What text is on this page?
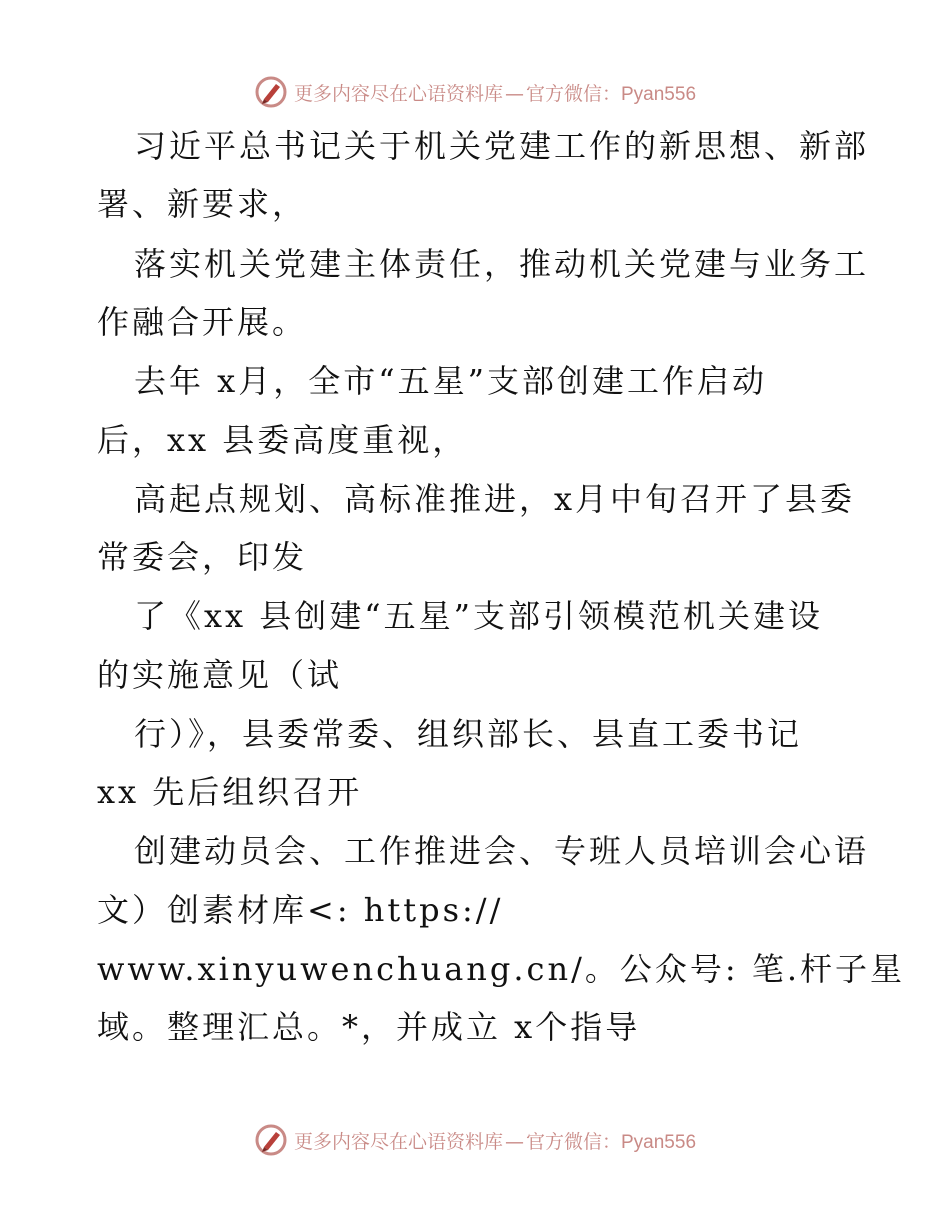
更多内容尽在心语资料库 — 官方微信：Pyan556
习近平总书记关于机关党建工作的新思想、新部
署、新要求，
落实机关党建主体责任，推动机关党建与业务工
作融合开展。
去年 x月，全市“五星”支部创建工作启动
后，xx 县委高度重视，
高起点规划、高标准推进，x月中旬召开了县委
常委会，印发
了《xx 县创建“五星”支部引领模范机关建设
的实施意见（试
行）》，县委常委、组织部长、县直工委书记
xx 先后组织召开
创建动员会、工作推进会、专班人员培训会心语
文）创素材库<: https://
www.xinyuwenchuang.cn/。公众号: 笔.杆子星
域。整理汇总。*，并成立 x个指导
更多内容尽在心语资料库 — 官方微信：Pyan556
